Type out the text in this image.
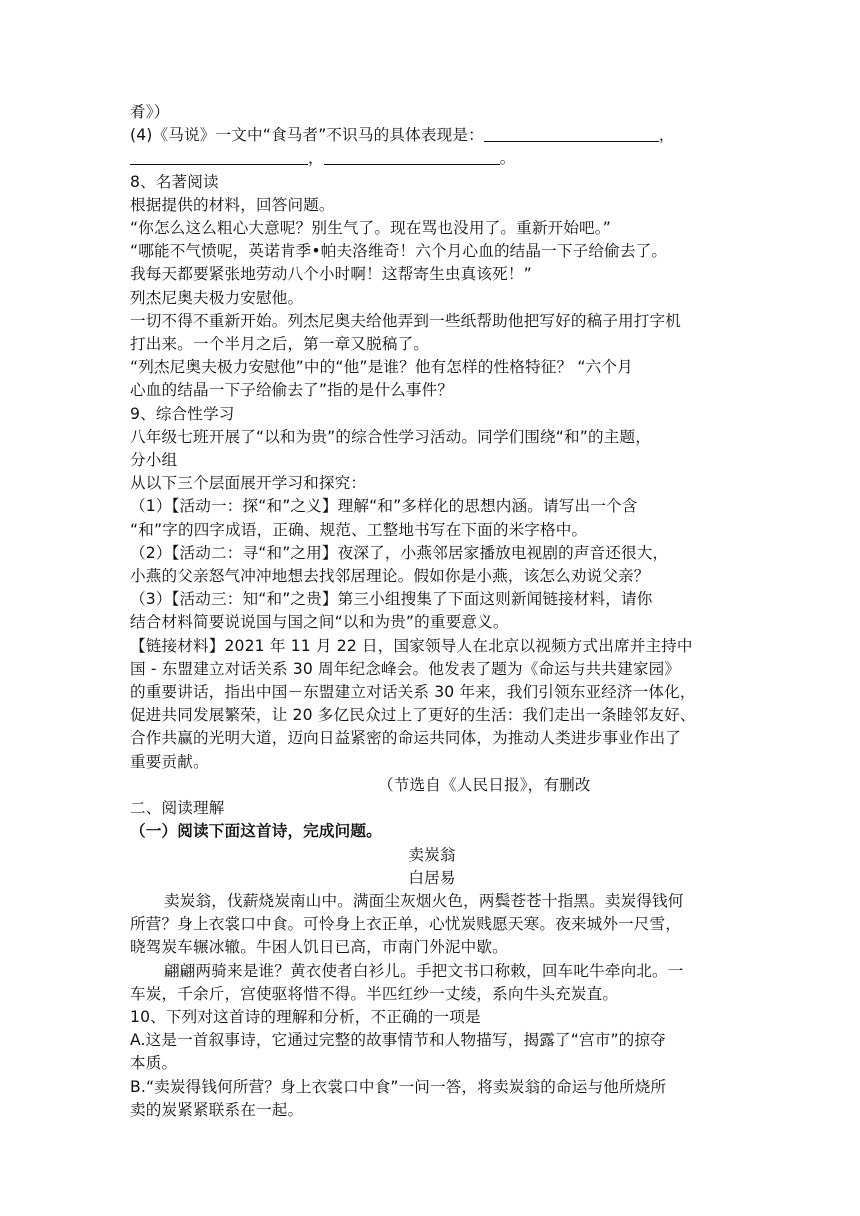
肴》）
(4)《马说》一文中“食马者”不识马的具体表现是：	，
，	。
8、名著阅读
根据提供的材料，回答问题。
“你怎么这么粗心大意呢？别生气了。现在骂也没用了。重新开始吧。”
“哪能不气愤呢，英诺肯季•帕夫洛维奇！六个月心血的结晶一下子给偷去了。
我每天都要紧张地劳动八个小时啊！这帮寄生虫真该死！”
列杰尼奥夫极力安慰他。
一切不得不重新开始。列杰尼奥夫给他弄到一些纸帮助他把写好的稿子用打字机
打出来。一个半月之后，第一章又脱稿了。
“列杰尼奥夫极力安慰他”中的“他”是谁？他有怎样的性格特征？ “六个月
心血的结晶一下子给偷去了”指的是什么事件？
9、综合性学习
八年级七班开展了“以和为贵”的综合性学习活动。同学们围绕“和”的主题，
分小组
从以下三个层面展开学习和探究：
（1）【活动一：探“和”之义】理解“和”多样化的思想内涵。请写出一个含
“和”字的四字成语，正确、规范、工整地书写在下面的米字格中。
（2）【活动二：寻“和”之用】夜深了，小燕邻居家播放电视剧的声音还很大，
小燕的父亲怒气冲冲地想去找邻居理论。假如你是小燕，该怎么劝说父亲？
（3）【活动三：知“和”之贵】第三小组搜集了下面这则新闻链接材料，请你
结合材料简要说说国与国之间“以和为贵”的重要意义。
【链接材料】2021 年 11 月 22 日，国家领导人在北京以视频方式出席并主持中
国 - 东盟建立对话关系 30 周年纪念峰会。他发表了题为《命运与共共建家园》
的重要讲话，指出中国－东盟建立对话关系 30 年来，我们引领东亚经济一体化，
促进共同发展繁荣，让 20 多亿民众过上了更好的生活：我们走出一条睦邻友好、
合作共赢的光明大道，迈向日益紧密的命运共同体，为推动人类进步事业作出了
重要贡献。
（节选自《人民日报》，有删改
二、阅读理解
（一）阅读下面这首诗，完成问题。
卖炭翁
白居易
卖炭翁，伐薪烧炭南山中。满面尘灰烟火色，两鬓苍苍十指黑。卖炭得钱何
所营？身上衣裳口中食。可怜身上衣正单，心忧炭贱愿天寒。夜来城外一尺雪，
晓驾炭车辗冰辙。牛困人饥日已高，市南门外泥中歇。
翩翩两骑来是谁？黄衣使者白衫儿。手把文书口称敕，回车叱牛牵向北。一
车炭，千余斤，宫使驱将惜不得。半匹红纱一丈绫，系向牛头充炭直。
10、下列对这首诗的理解和分析，不正确的一项是
A.这是一首叙事诗，它通过完整的故事情节和人物描写，揭露了“宫市”的掠夺
本质。
B.“卖炭得钱何所营？身上衣裳口中食”一问一答，将卖炭翁的命运与他所烧所
卖的炭紧紧联系在一起。
